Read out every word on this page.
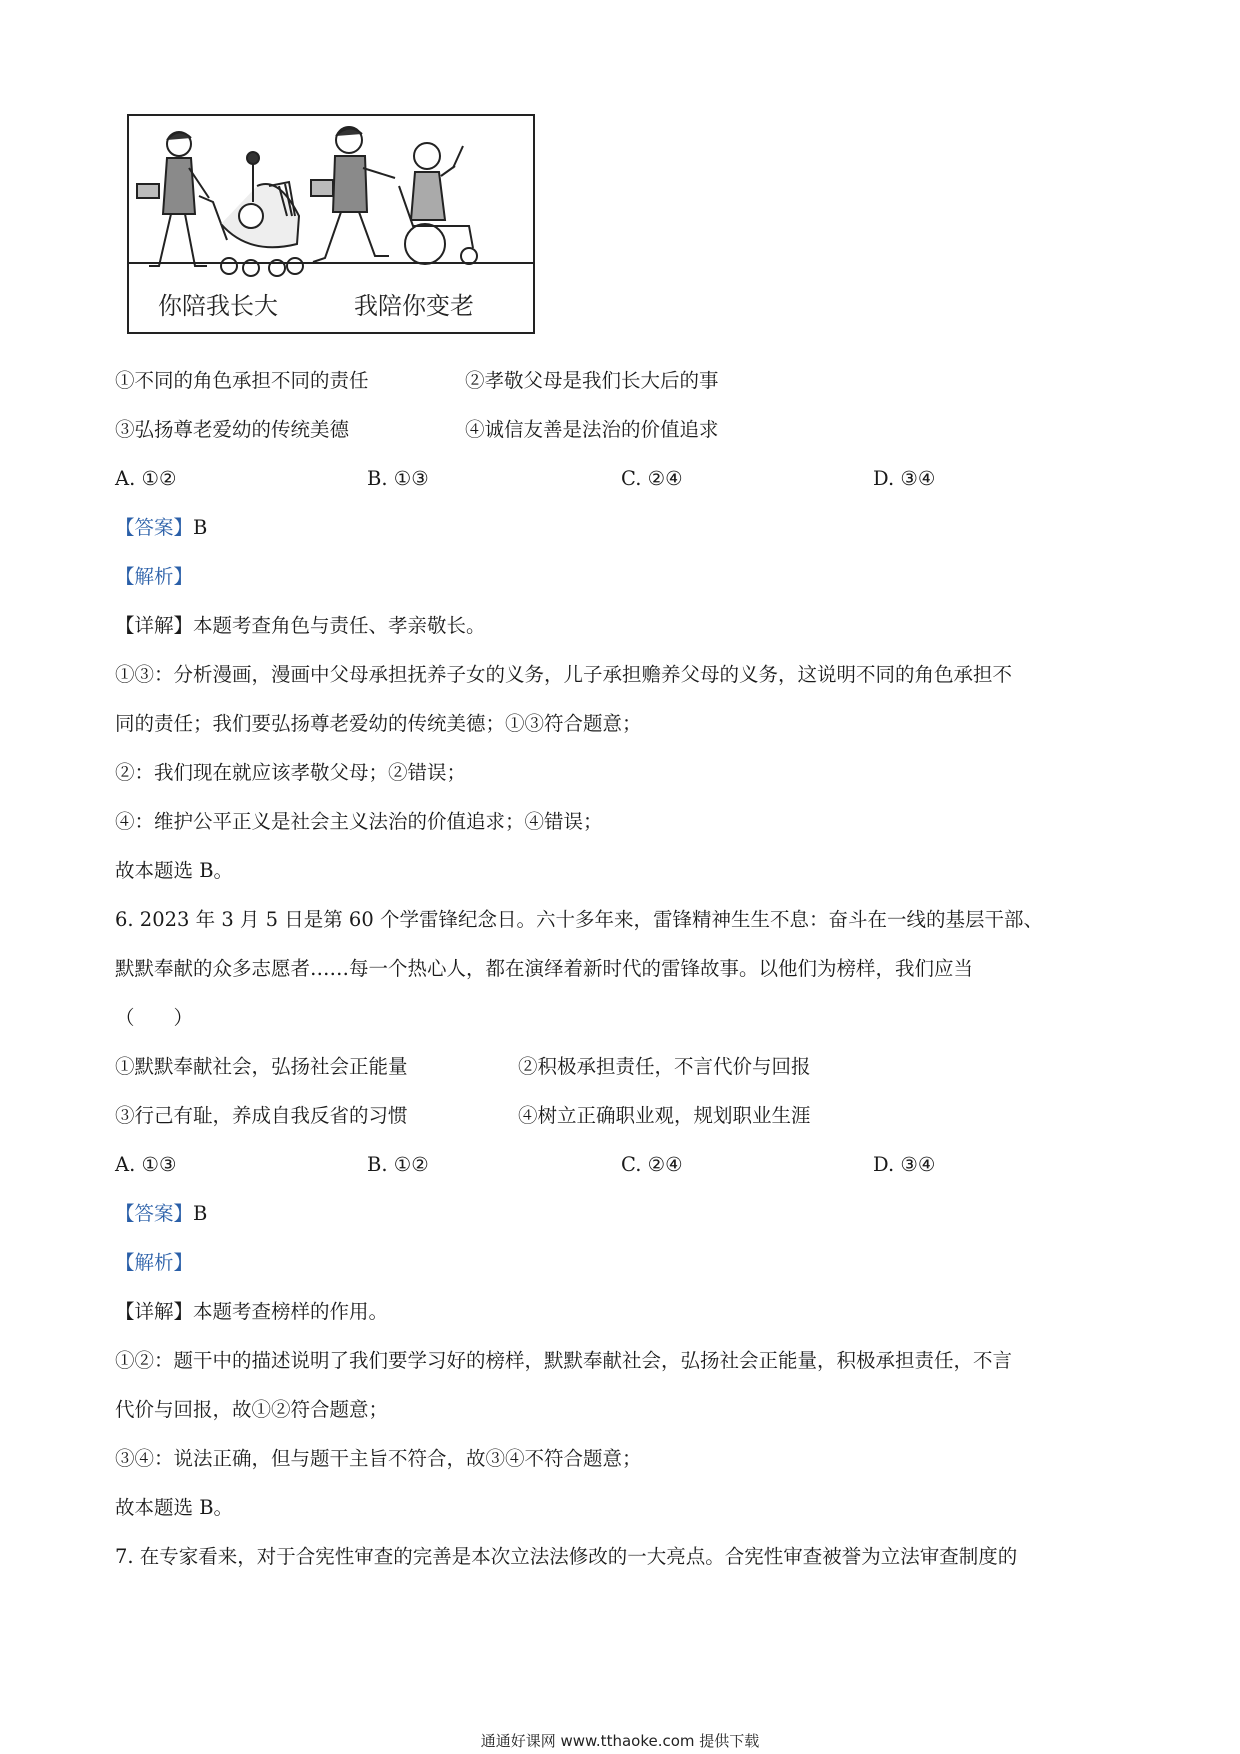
你陪我长大	我陪你变老
①不同的角色承担不同的责任	②孝敬父母是我们长大后的事
③弘扬尊老爱幼的传统美德	④诚信友善是法治的价值追求
A. ①②	B. ①③	C. ②④	D. ③④
【答案】B
【解析】
【详解】本题考查角色与责任、孝亲敬长。
①③：分析漫画，漫画中父母承担抚养子女的义务，儿子承担赡养父母的义务，这说明不同的角色承担不
同的责任；我们要弘扬尊老爱幼的传统美德；①③符合题意；
②：我们现在就应该孝敬父母；②错误；
④：维护公平正义是社会主义法治的价值追求；④错误；
故本题选 B。
6. 2023 年 3 月 5 日是第 60 个学雷锋纪念日。六十多年来，雷锋精神生生不息：奋斗在一线的基层干部、
默默奉献的众多志愿者……每一个热心人，都在演绎着新时代的雷锋故事。以他们为榜样，我们应当
（　　）
①默默奉献社会，弘扬社会正能量	②积极承担责任，不言代价与回报
③行己有耻，养成自我反省的习惯	④树立正确职业观，规划职业生涯
A. ①③	B. ①②	C. ②④	D. ③④
【答案】B
【解析】
【详解】本题考查榜样的作用。
①②：题干中的描述说明了我们要学习好的榜样，默默奉献社会，弘扬社会正能量，积极承担责任，不言
代价与回报，故①②符合题意；
③④：说法正确，但与题干主旨不符合，故③④不符合题意；
故本题选 B。
7. 在专家看来，对于合宪性审查的完善是本次立法法修改的一大亮点。合宪性审查被誉为立法审查制度的
通通好课网 www.tthaoke.com 提供下载
